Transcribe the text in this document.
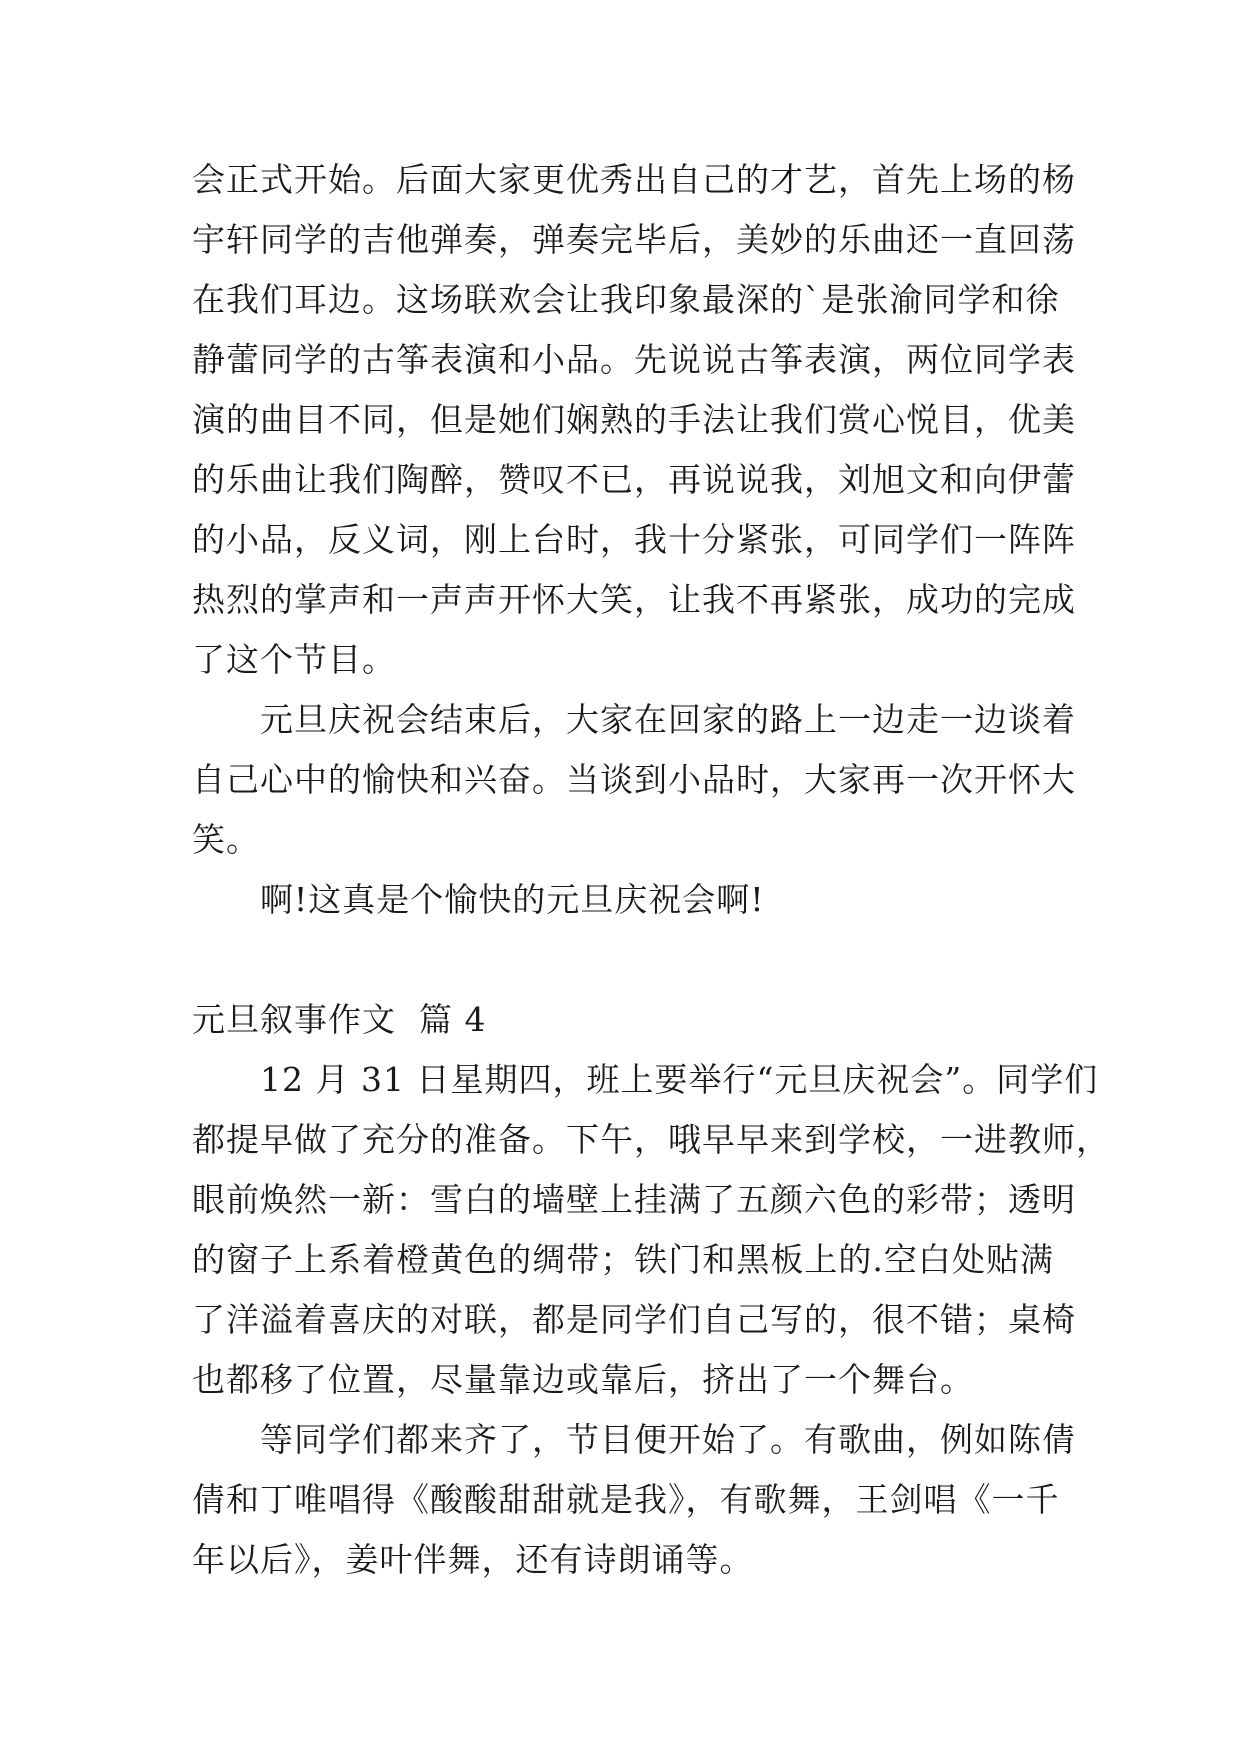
会正式开始。后面大家更优秀出自己的才艺，首先上场的杨
宇轩同学的吉他弹奏，弹奏完毕后，美妙的乐曲还一直回荡
在我们耳边。这场联欢会让我印象最深的`是张渝同学和徐
静蕾同学的古筝表演和小品。先说说古筝表演，两位同学表
演的曲目不同，但是她们娴熟的手法让我们赏心悦目，优美
的乐曲让我们陶醉，赞叹不已，再说说我，刘旭文和向伊蕾
的小品，反义词，刚上台时，我十分紧张，可同学们一阵阵
热烈的掌声和一声声开怀大笑，让我不再紧张，成功的完成
了这个节目。
元旦庆祝会结束后，大家在回家的路上一边走一边谈着
自己心中的愉快和兴奋。当谈到小品时，大家再一次开怀大
笑。
啊!这真是个愉快的元旦庆祝会啊!
元旦叙事作文  篇 4
12 月 31 日星期四，班上要举行“元旦庆祝会”。同学们
都提早做了充分的准备。下午，哦早早来到学校，一进教师，
眼前焕然一新：雪白的墙壁上挂满了五颜六色的彩带；透明
的窗子上系着橙黄色的绸带；铁门和黑板上的.空白处贴满
了洋溢着喜庆的对联，都是同学们自己写的，很不错；桌椅
也都移了位置，尽量靠边或靠后，挤出了一个舞台。
等同学们都来齐了，节目便开始了。有歌曲，例如陈倩
倩和丁唯唱得《酸酸甜甜就是我》，有歌舞，王剑唱《一千
年以后》，姜叶伴舞，还有诗朗诵等。
